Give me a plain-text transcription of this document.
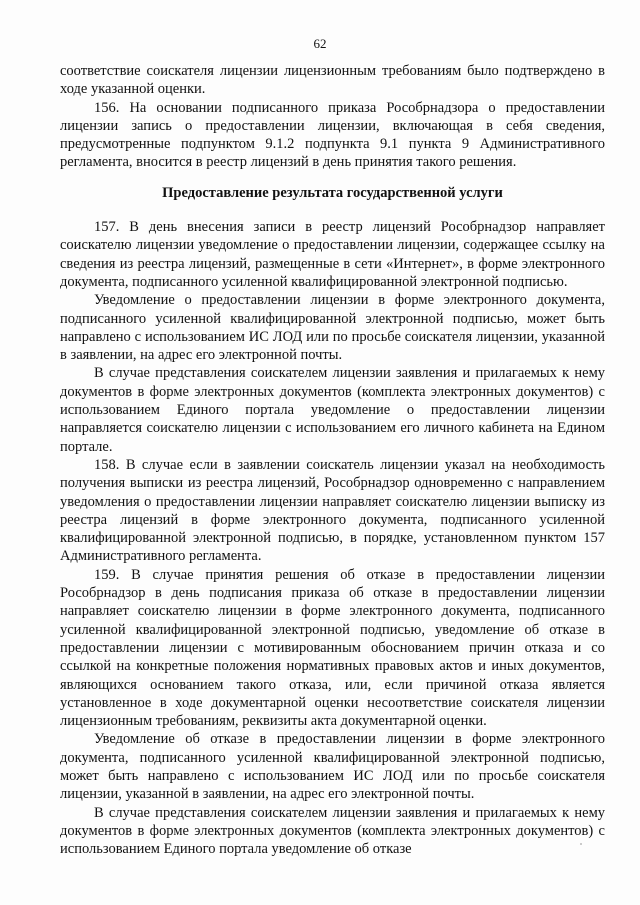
62

соответствие соискателя лицензии лицензионным требованиям было подтверждено в ходе указанной оценки.

156. На основании подписанного приказа Рособрнадзора о предоставлении лицензии запись о предоставлении лицензии, включающая в себя сведения, предусмотренные подпунктом 9.1.2 подпункта 9.1 пункта 9 Административного регламента, вносится в реестр лицензий в день принятия такого решения.

Предоставление результата государственной услуги

157. В день внесения записи в реестр лицензий Рособрнадзор направляет соискателю лицензии уведомление о предоставлении лицензии, содержащее ссылку на сведения из реестра лицензий, размещенные в сети «Интернет», в форме электронного документа, подписанного усиленной квалифицированной электронной подписью.

Уведомление о предоставлении лицензии в форме электронного документа, подписанного усиленной квалифицированной электронной подписью, может быть направлено с использованием ИС ЛОД или по просьбе соискателя лицензии, указанной в заявлении, на адрес его электронной почты.

В случае представления соискателем лицензии заявления и прилагаемых к нему документов в форме электронных документов (комплекта электронных документов) с использованием Единого портала уведомление о предоставлении лицензии направляется соискателю лицензии с использованием его личного кабинета на Едином портале.

158. В случае если в заявлении соискатель лицензии указал на необходимость получения выписки из реестра лицензий, Рособрнадзор одновременно с направлением уведомления о предоставлении лицензии направляет соискателю лицензии выписку из реестра лицензий в форме электронного документа, подписанного усиленной квалифицированной электронной подписью, в порядке, установленном пунктом 157 Административного регламента.

159. В случае принятия решения об отказе в предоставлении лицензии Рособрнадзор в день подписания приказа об отказе в предоставлении лицензии направляет соискателю лицензии в форме электронного документа, подписанного усиленной квалифицированной электронной подписью, уведомление об отказе в предоставлении лицензии с мотивированным обоснованием причин отказа и со ссылкой на конкретные положения нормативных правовых актов и иных документов, являющихся основанием такого отказа, или, если причиной отказа является установленное в ходе документарной оценки несоответствие соискателя лицензии лицензионным требованиям, реквизиты акта документарной оценки.

Уведомление об отказе в предоставлении лицензии в форме электронного документа, подписанного усиленной квалифицированной электронной подписью, может быть направлено с использованием ИС ЛОД или по просьбе соискателя лицензии, указанной в заявлении, на адрес его электронной почты.

В случае представления соискателем лицензии заявления и прилагаемых к нему документов в форме электронных документов (комплекта электронных документов) с использованием Единого портала уведомление об отказе
